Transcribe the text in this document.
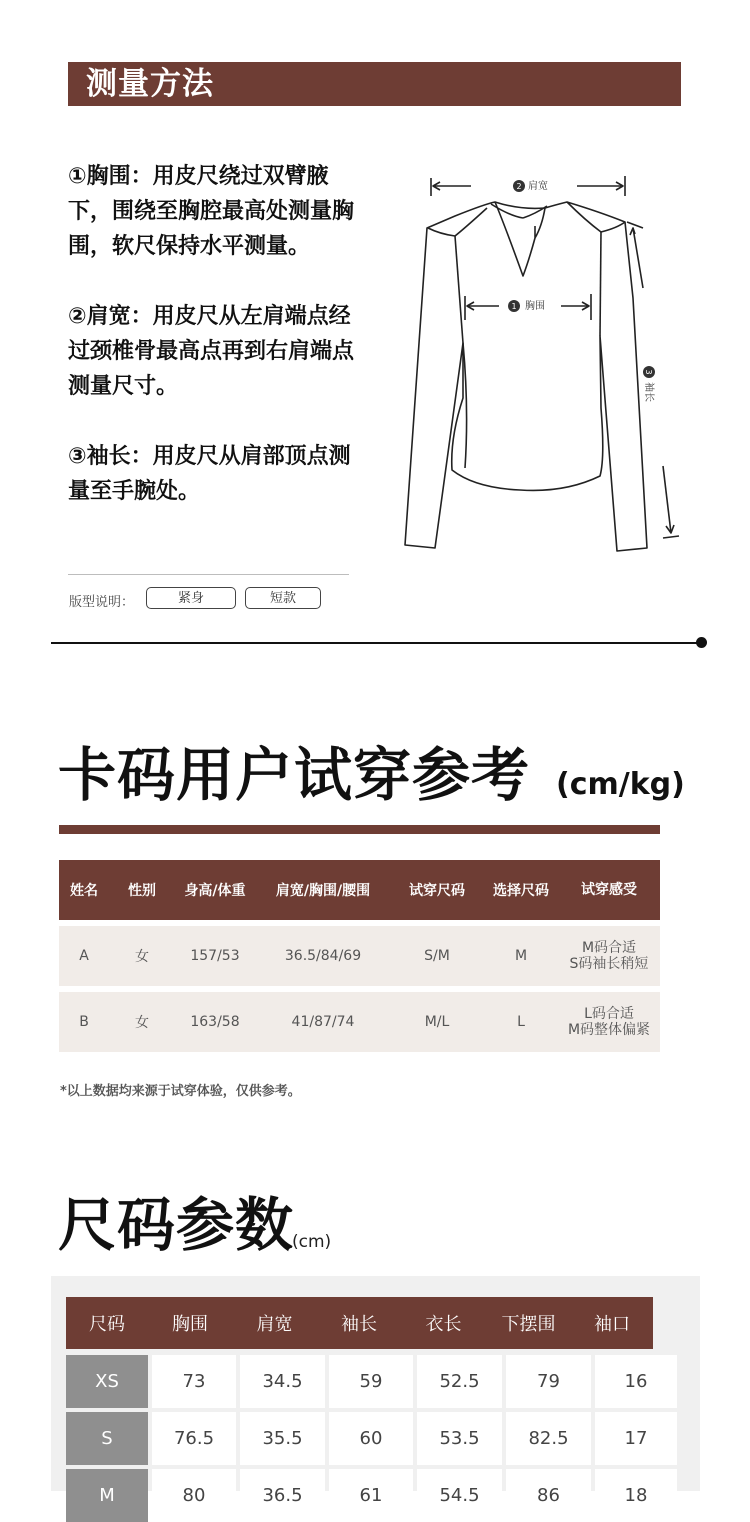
测量方法
①胸围：用皮尺绕过双臂腋下，围绕至胸腔最高处测量胸围，软尺保持水平测量。
②肩宽：用皮尺从左肩端点经过颈椎骨最高点再到右肩端点测量尺寸。
③袖长：用皮尺从肩部顶点测量至手腕处。
2 肩宽
1 胸围
3
袖长
版型说明：	紧身	短款
卡码用户试穿参考 (cm/kg)
姓名	性别	身高/体重	肩宽/胸围/腰围	试穿尺码	选择尺码	试穿感受
A	女	157/53	36.5/84/69	S/M	M	M码合适
S码袖长稍短
B	女	163/58	41/87/74	M/L	L	L码合适
M码整体偏紧
*以上数据均来源于试穿体验，仅供参考。
尺码参数
(cm)
尺码	胸围	肩宽	袖长	衣长	下摆围	袖口
XS	73	34.5	59	52.5	79	16
S	76.5	35.5	60	53.5	82.5	17
M	80	36.5	61	54.5	86	18
